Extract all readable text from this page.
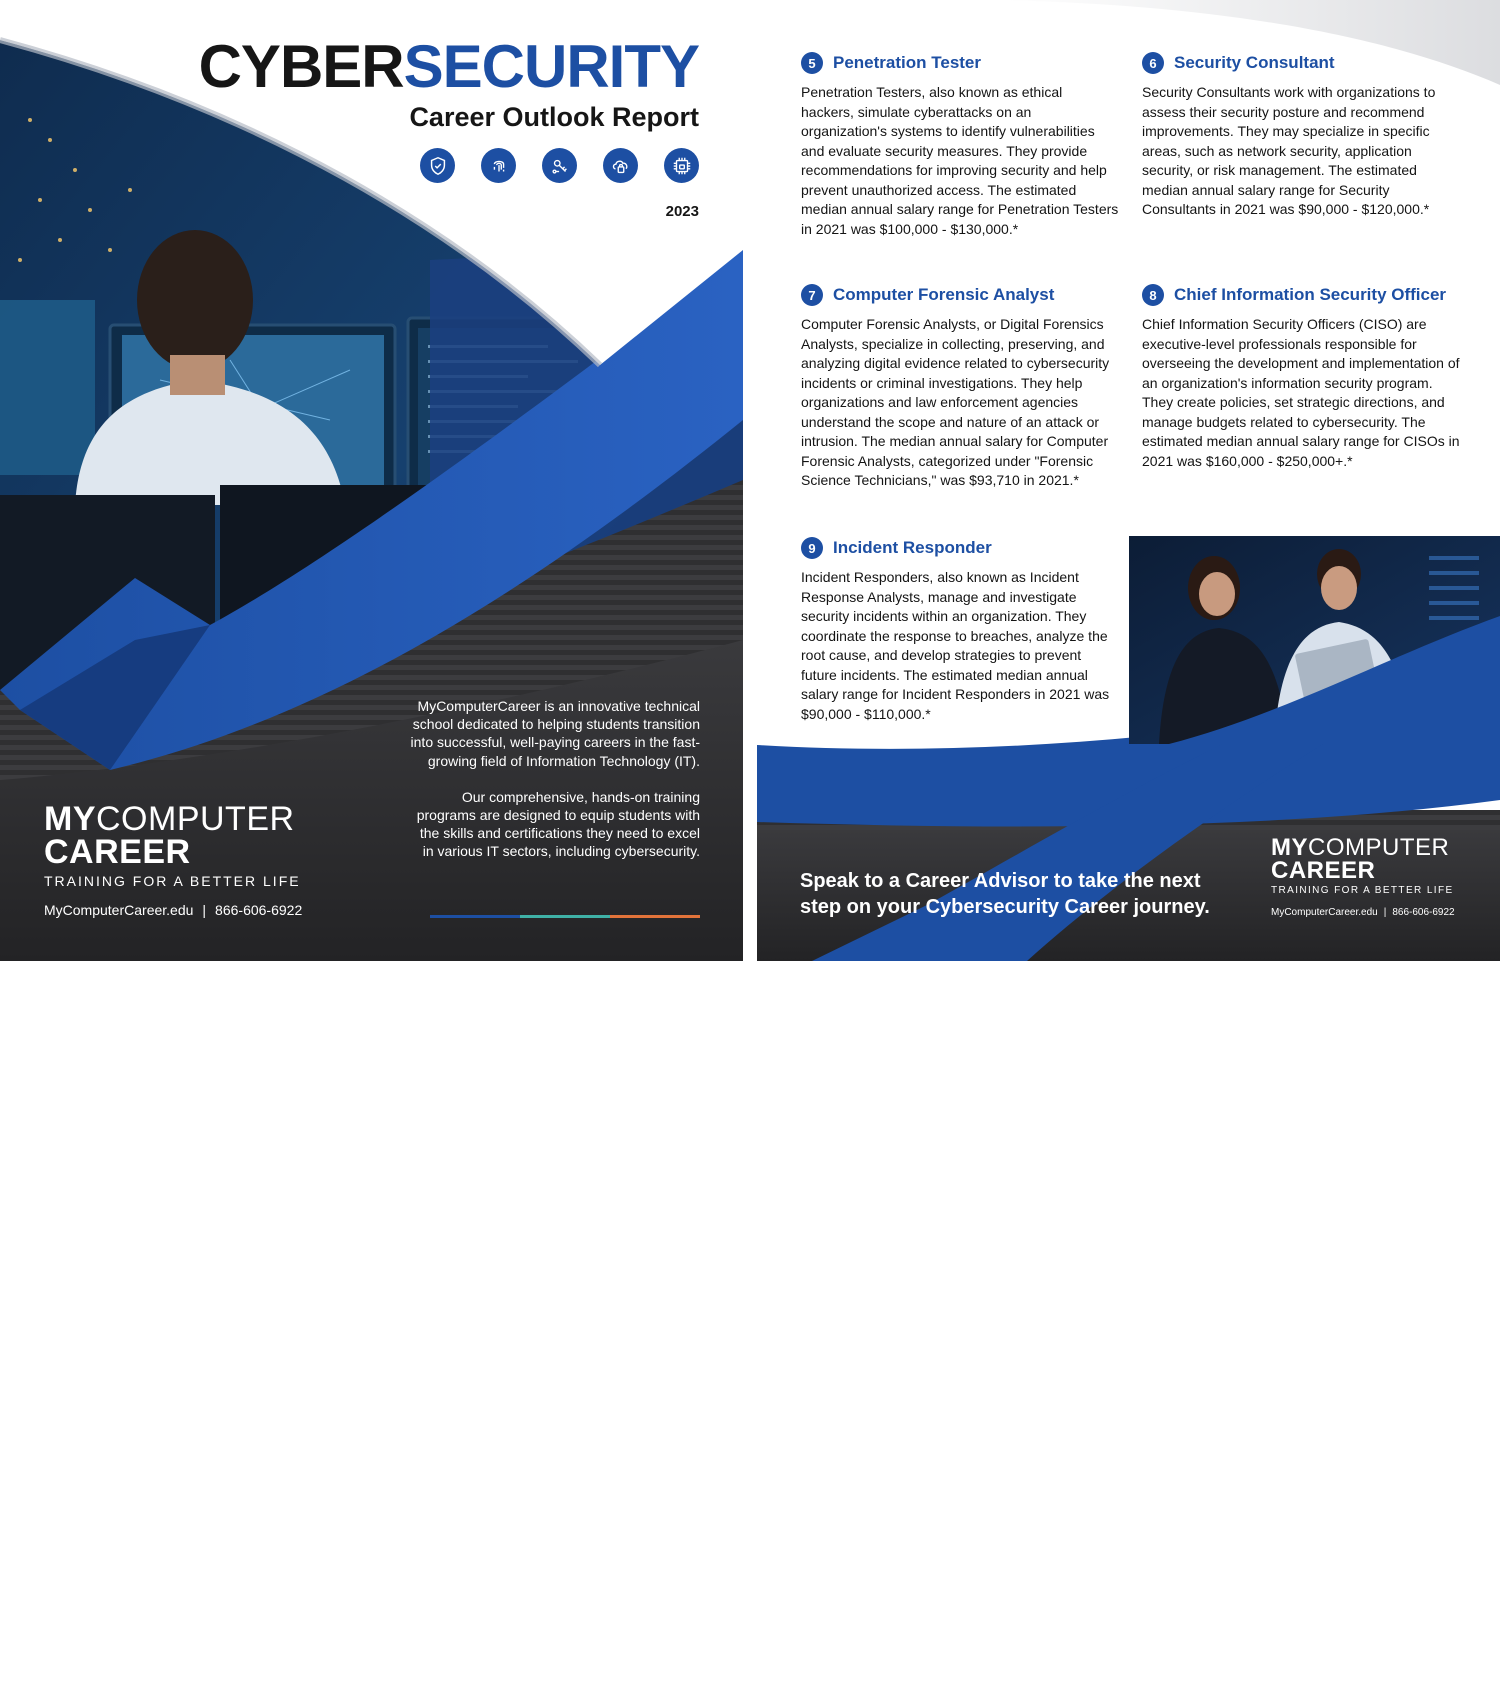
CYBERSECURITY
Career Outlook Report
2023

MyComputerCareer is an innovative technical school dedicated to helping students transition into successful, well-paying careers in the fast-growing field of Information Technology (IT).

Our comprehensive, hands-on training programs are designed to equip students with the skills and certifications they need to excel in various IT sectors, including cybersecurity.

MYCOMPUTER
CAREER
TRAINING FOR A BETTER LIFE
MyComputerCareer.edu | 866-606-6922
5	Penetration Tester

Penetration Testers, also known as ethical hackers, simulate cyberattacks on an organization's systems to identify vulnerabilities and evaluate security measures. They provide recommendations for improving security and help prevent unauthorized access. The estimated median annual salary range for Penetration Testers in 2021 was $100,000 - $130,000.*

6	Security Consultant

Security Consultants work with organizations to assess their security posture and recommend improvements. They may specialize in specific areas, such as network security, application security, or risk management. The estimated median annual salary range for Security Consultants in 2021 was $90,000 - $120,000.*

7	Computer Forensic Analyst

Computer Forensic Analysts, or Digital Forensics Analysts, specialize in collecting, preserving, and analyzing digital evidence related to cybersecurity incidents or criminal investigations. They help organizations and law enforcement agencies understand the scope and nature of an attack or intrusion. The median annual salary for Computer Forensic Analysts, categorized under "Forensic Science Technicians," was $93,710 in 2021.*

8	Chief Information Security Officer

Chief Information Security Officers (CISO) are executive-level professionals responsible for overseeing the development and implementation of an organization's information security program. They create policies, set strategic directions, and manage budgets related to cybersecurity. The estimated median annual salary range for CISOs in 2021 was $160,000 - $250,000+.*

9	Incident Responder

Incident Responders, also known as Incident Response Analysts, manage and investigate security incidents within an organization. They coordinate the response to breaches, analyze the root cause, and develop strategies to prevent future incidents. The estimated median annual salary range for Incident Responders in 2021 was $90,000 - $110,000.*

Speak to a Career Advisor to take the next
step on your Cybersecurity Career journey.
MYCOMPUTER
CAREER
TRAINING FOR A BETTER LIFE
MyComputerCareer.edu | 866-606-6922
